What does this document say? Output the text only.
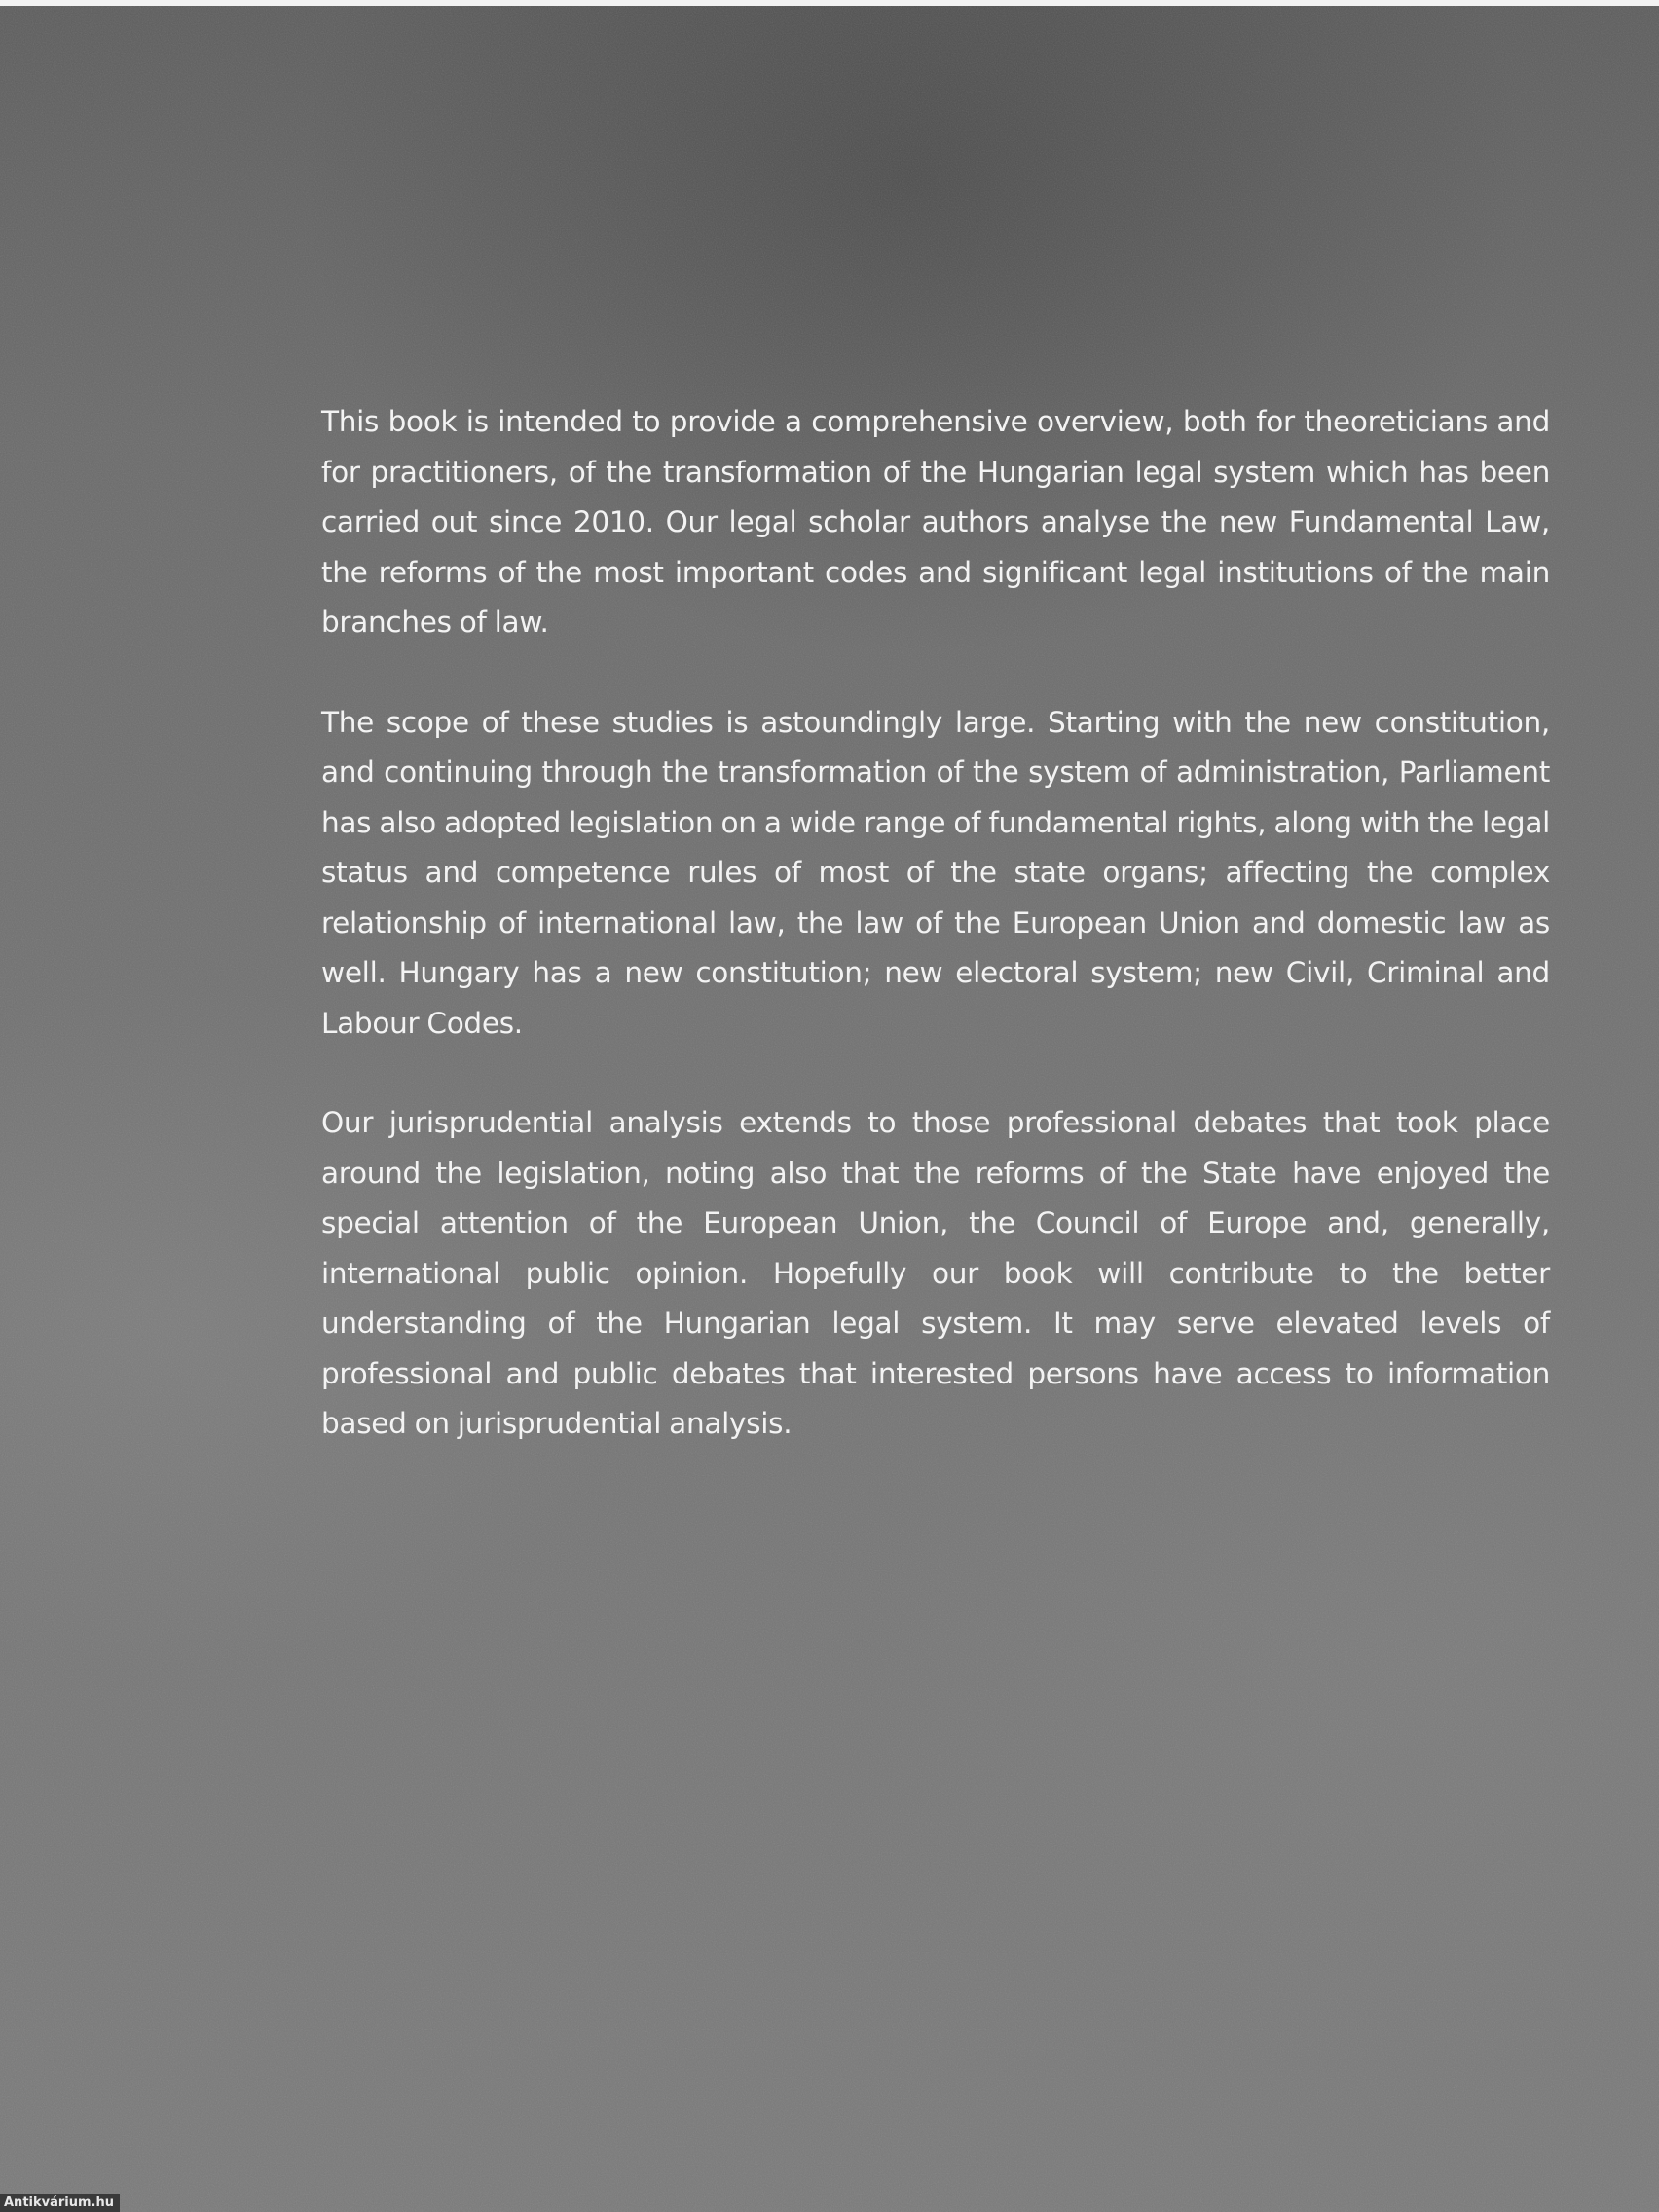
This book is intended to provide a comprehensive overview, both for theoreticians and for practitioners, of the transformation of the Hungarian legal system which has been carried out since 2010. Our legal scholar authors analyse the new Fundamental Law, the reforms of the most important codes and significant legal institutions of the main branches of law.

The scope of these studies is astoundingly large. Starting with the new constitution, and continuing through the transformation of the system of administration, Parliament has also adopted legislation on a wide range of fundamental rights, along with the legal status and competence rules of most of the state organs; affecting the complex relationship of international law, the law of the European Union and domestic law as well. Hungary has a new constitution; new electoral system; new Civil, Criminal and Labour Codes.

Our jurisprudential analysis extends to those professional debates that took place around the legislation, noting also that the reforms of the State have enjoyed the special attention of the European Union, the Council of Europe and, generally, international public opinion. Hopefully our book will contribute to the better understanding of the Hungarian legal system. It may serve elevated levels of professional and public debates that interested persons have access to information based on jurisprudential analysis.

Antikvárium.hu
